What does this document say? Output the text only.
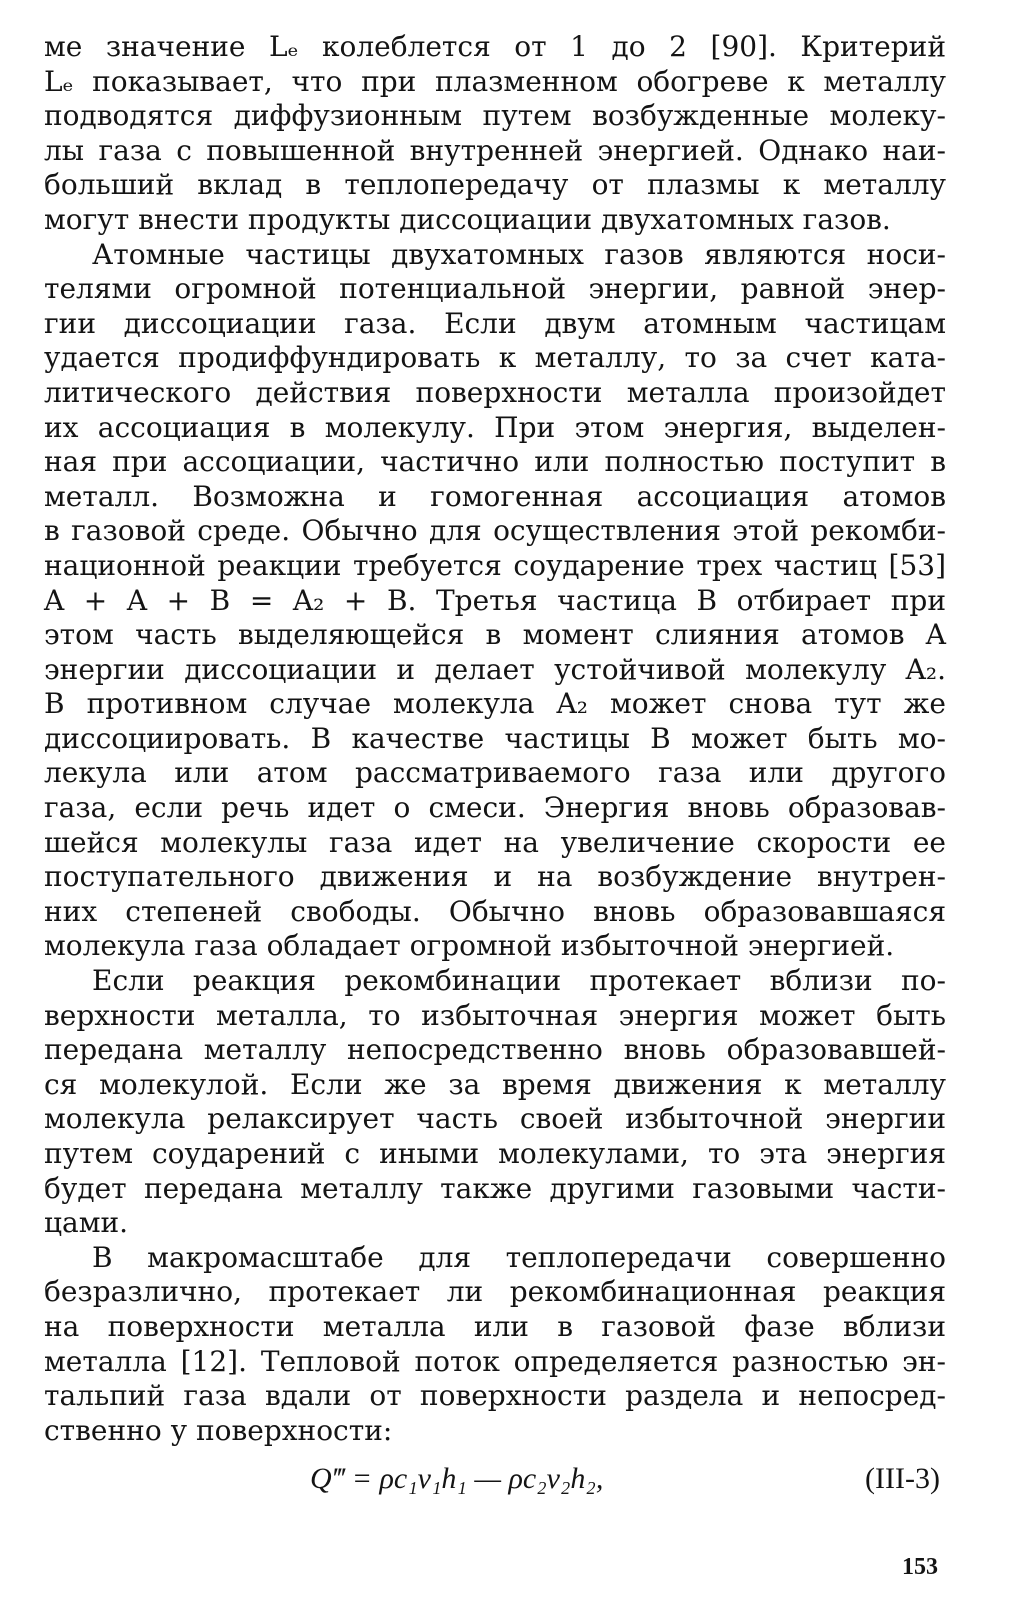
ме значение Lₑ колеблется от 1 до 2 [90]. Критерий
Lₑ показывает, что при плазменном обогреве к металлу
подводятся диффузионным путем возбужденные молеку-
лы газа с повышенной внутренней энергией. Однако наи-
больший вклад в теплопередачу от плазмы к металлу
могут внести продукты диссоциации двухатомных газов.

Атомные частицы двухатомных газов являются носи-
телями огромной потенциальной энергии, равной энер-
гии диссоциации газа. Если двум атомным частицам
удается продиффундировать к металлу, то за счет ката-
литического действия поверхности металла произойдет
их ассоциация в молекулу. При этом энергия, выделен-
ная при ассоциации, частично или полностью поступит в
металл. Возможна и гомогенная ассоциация атомов
в газовой среде. Обычно для осуществления этой рекомби-
национной реакции требуется соударение трех частиц [53]
A + A + B = A₂ + B. Третья частица B отбирает при
этом часть выделяющейся в момент слияния атомов A
энергии диссоциации и делает устойчивой молекулу A₂.
В противном случае молекула A₂ может снова тут же
диссоциировать. В качестве частицы B может быть мо-
лекула или атом рассматриваемого газа или другого
газа, если речь идет о смеси. Энергия вновь образовав-
шейся молекулы газа идет на увеличение скорости ее
поступательного движения и на возбуждение внутрен-
них степеней свободы. Обычно вновь образовавшаяся
молекула газа обладает огромной избыточной энергией.

Если реакция рекомбинации протекает вблизи по-
верхности металла, то избыточная энергия может быть
передана металлу непосредственно вновь образовавшей-
ся молекулой. Если же за время движения к металлу
молекула релаксирует часть своей избыточной энергии
путем соударений с иными молекулами, то эта энергия
будет передана металлу также другими газовыми части-
цами.

В макромасштабе для теплопередачи совершенно
безразлично, протекает ли рекомбинационная реакция
на поверхности металла или в газовой фазе вблизи
металла [12]. Тепловой поток определяется разностью эн-
тальпий газа вдали от поверхности раздела и непосред-
ственно у поверхности:

Q‴ = ρc₁v₁h₁ — ρc₂v₂h₂,	(III-3)
153
